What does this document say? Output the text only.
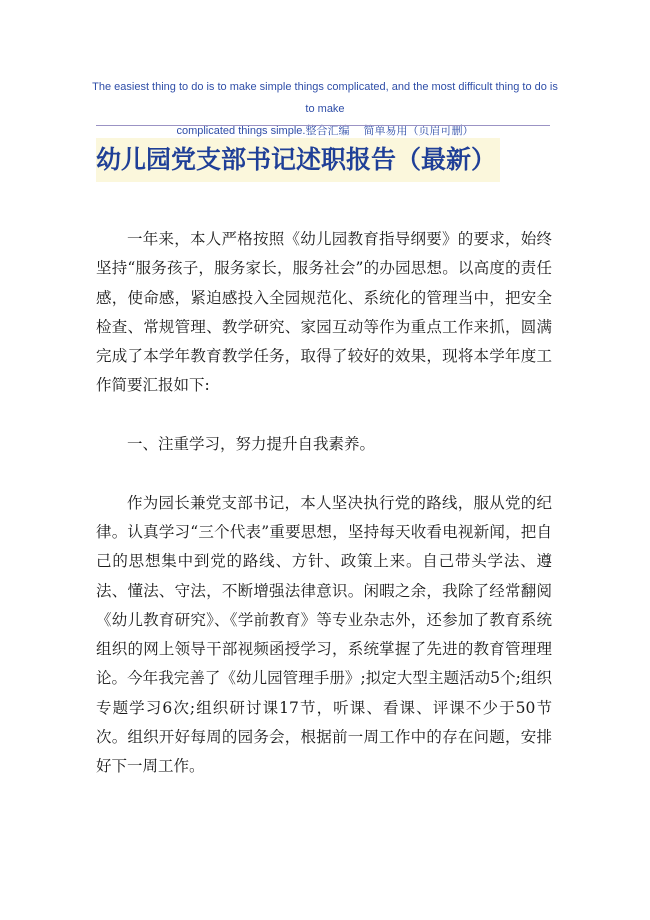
The easiest thing to do is to make simple things complicated, and the most difficult thing to do is to make
complicated things simple.整合汇编　 简单易用（页眉可删）
幼儿园党支部书记述职报告（最新）

一年来，本人严格按照《幼儿园教育指导纲要》的要求，始终坚持“服务孩子，服务家长，服务社会”的办园思想。以高度的责任感，使命感，紧迫感投入全园规范化、系统化的管理当中，把安全检查、常规管理、教学研究、家园互动等作为重点工作来抓，圆满完成了本学年教育教学任务，取得了较好的效果，现将本学年度工作简要汇报如下:

一、注重学习，努力提升自我素养。

作为园长兼党支部书记，本人坚决执行党的路线，服从党的纪律。认真学习“三个代表”重要思想，坚持每天收看电视新闻，把自己的思想集中到党的路线、方针、政策上来。自己带头学法、遵法、懂法、守法，不断增强法律意识。闲暇之余，我除了经常翻阅《幼儿教育研究》、《学前教育》等专业杂志外，还参加了教育系统组织的网上领导干部视频函授学习，系统掌握了先进的教育管理理论。今年我完善了《幼儿园管理手册》;拟定大型主题活动5个;组织专题学习6次;组织研讨课17节，听课、看课、评课不少于50节次。组织开好每周的园务会，根据前一周工作中的存在问题，安排好下一周工作。
